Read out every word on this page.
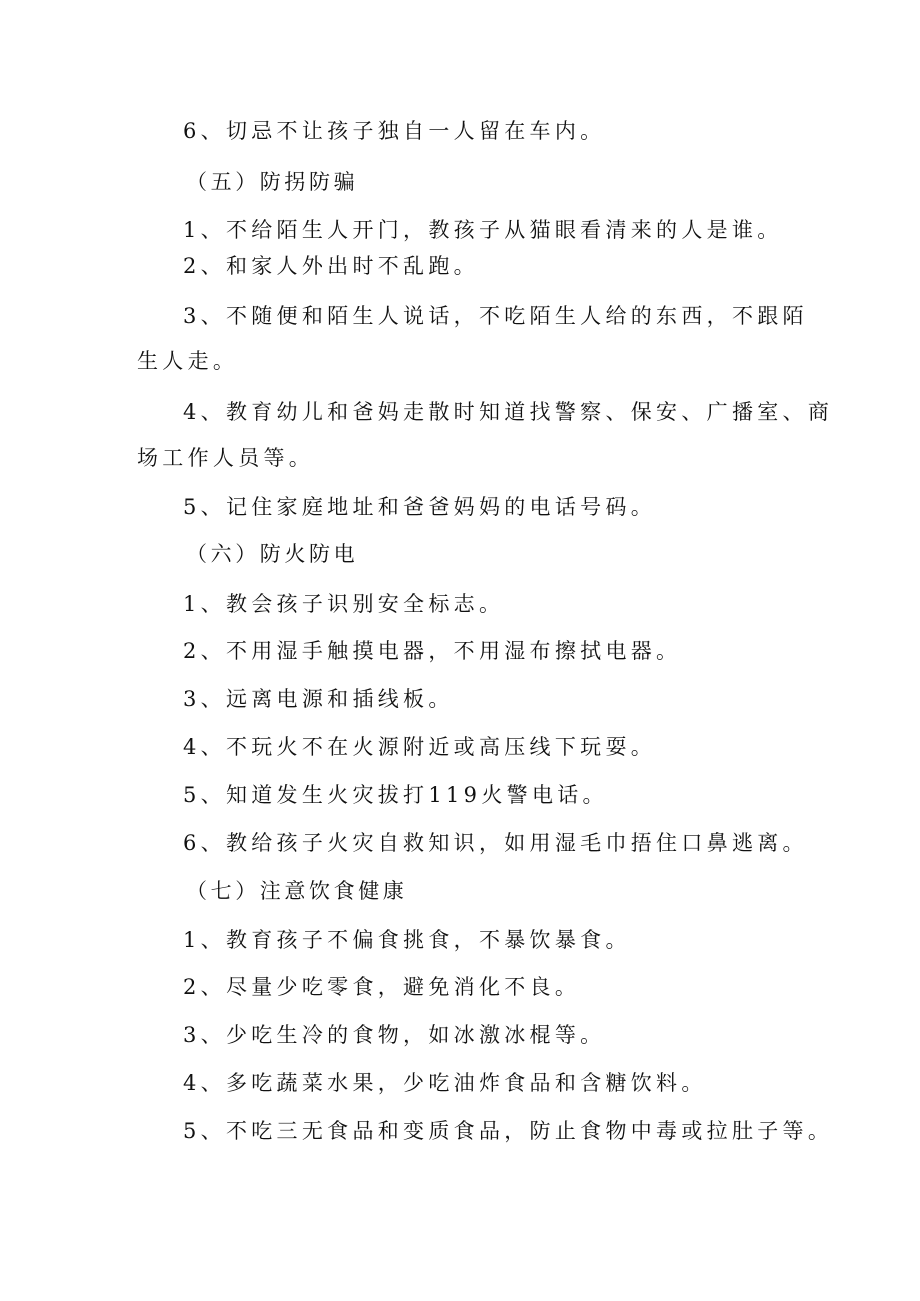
6、切忌不让孩子独自一人留在车内。
（五）防拐防骗
1、不给陌生人开门，教孩子从猫眼看清来的人是谁。
2、和家人外出时不乱跑。
3、不随便和陌生人说话，不吃陌生人给的东西，不跟陌
生人走。
4、教育幼儿和爸妈走散时知道找警察、保安、广播室、商
场工作人员等。
5、记住家庭地址和爸爸妈妈的电话号码。
（六）防火防电
1、教会孩子识别安全标志。
2、不用湿手触摸电器，不用湿布擦拭电器。
3、远离电源和插线板。
4、不玩火不在火源附近或高压线下玩耍。
5、知道发生火灾拔打119火警电话。
6、教给孩子火灾自救知识，如用湿毛巾捂住口鼻逃离。
（七）注意饮食健康
1、教育孩子不偏食挑食，不暴饮暴食。
2、尽量少吃零食，避免消化不良。
3、少吃生冷的食物，如冰激冰棍等。
4、多吃蔬菜水果，少吃油炸食品和含糖饮料。
5、不吃三无食品和变质食品，防止食物中毒或拉肚子等。
